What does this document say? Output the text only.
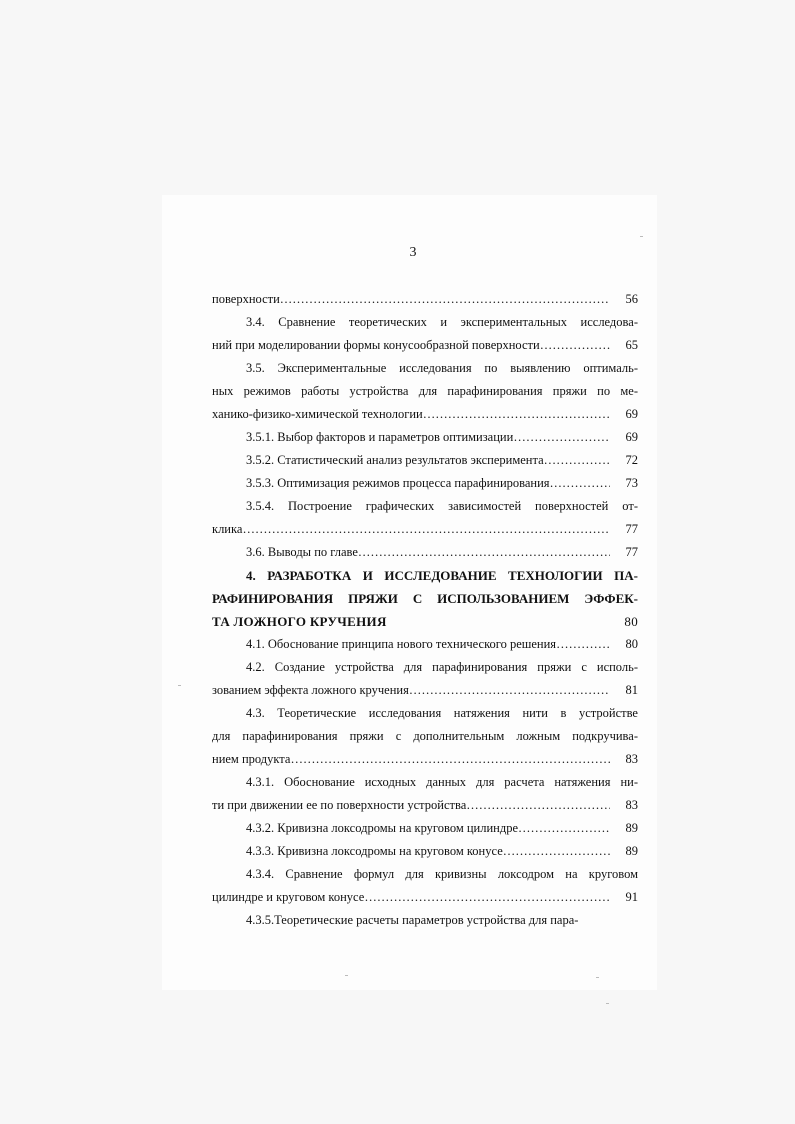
3
поверхности ……………………………………………………………………………………………………………………………………	56
3.4. Сравнение теоретических и экспериментальных исследова-
ний при моделировании формы конусообразной поверхности ……………………………………………………………………………………………………………………………………	65
3.5. Экспериментальные исследования по выявлению оптималь-
ных режимов работы устройства для парафинирования пряжи по ме-
ханико-физико-химической технологии ……………………………………………………………………………………………………………………………………	69
3.5.1. Выбор факторов и параметров оптимизации ……………………………………………………………………………………………………………………………………	69
3.5.2. Статистический анализ результатов эксперимента ……………………………………………………………………………………………………………………………………	72
3.5.3. Оптимизация режимов процесса парафинирования ……………………………………………………………………………………………………………………………………	73
3.5.4. Построение графических зависимостей поверхностей от-
клика ……………………………………………………………………………………………………………………………………	77
3.6. Выводы по главе ……………………………………………………………………………………………………………………………………	77
4. РАЗРАБОТКА И ИССЛЕДОВАНИЕ ТЕХНОЛОГИИ ПА-
РАФИНИРОВАНИЯ ПРЯЖИ С ИСПОЛЬЗОВАНИЕМ ЭФФЕК-
ТА ЛОЖНОГО КРУЧЕНИЯ	80
4.1. Обоснование принципа нового технического решения ……………………………………………………………………………………………………………………………………	80
4.2. Создание устройства для парафинирования пряжи с исполь-
зованием эффекта ложного кручения ……………………………………………………………………………………………………………………………………	81
4.3. Теоретические исследования натяжения нити в устройстве
для парафинирования пряжи с дополнительным ложным подкручива-
нием продукта ……………………………………………………………………………………………………………………………………	83
4.3.1. Обоснование исходных данных для расчета натяжения ни-
ти при движении ее по поверхности устройства ……………………………………………………………………………………………………………………………………	83
4.3.2. Кривизна локсодромы на круговом цилиндре ……………………………………………………………………………………………………………………………………	89
4.3.3. Кривизна локсодромы на круговом конусе ……………………………………………………………………………………………………………………………………	89
4.3.4. Сравнение формул для кривизны локсодром на круговом
цилиндре и круговом конусе ……………………………………………………………………………………………………………………………………	91
4.3.5.Теоретические расчеты параметров устройства для пара-
